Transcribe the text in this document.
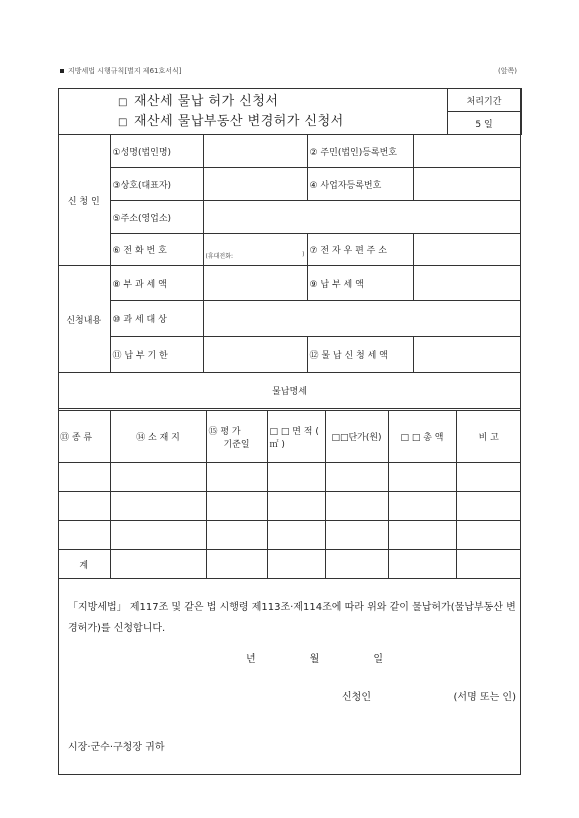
지방세법 시행규칙[별지 제61호서식]	(앞쪽)
□ 재산세 물납 허가 신청서
□ 재산세 물납부동산 변경허가 신청서
	처리기간
5 일
신 청 인	①성명(법인명)		② 주민(법인)등록번호	
	③상호(대표자)		④ 사업자등록번호	
	⑤주소(영업소)			
	⑥ 전 화 번 호	(휴대전화: )	⑦ 전 자 우 편 주 소	
신청내용	⑧ 부 과 세 액		⑨ 납 부 세 액	
	⑩ 과 세 대 상			
	⑪ 납 부 기 한		⑫ 물 납 신 청 세 액	
물납명세				
⑬ 종 류	⑭ 소 재 지	⑮ 평 가
기준일	□ □ 면 적 ( ㎡ )	□□단가(원)	□ □ 총 액	비 고

계						
「지방세법」 제117조 및 같은 법 시행령 제113조·제114조에 따라 위와 같이 물납허가(물납부동산 변경허가)를 신청합니다.
년	월	일
신청인	(서명 또는 인)
시장·군수·구청장 귀하
